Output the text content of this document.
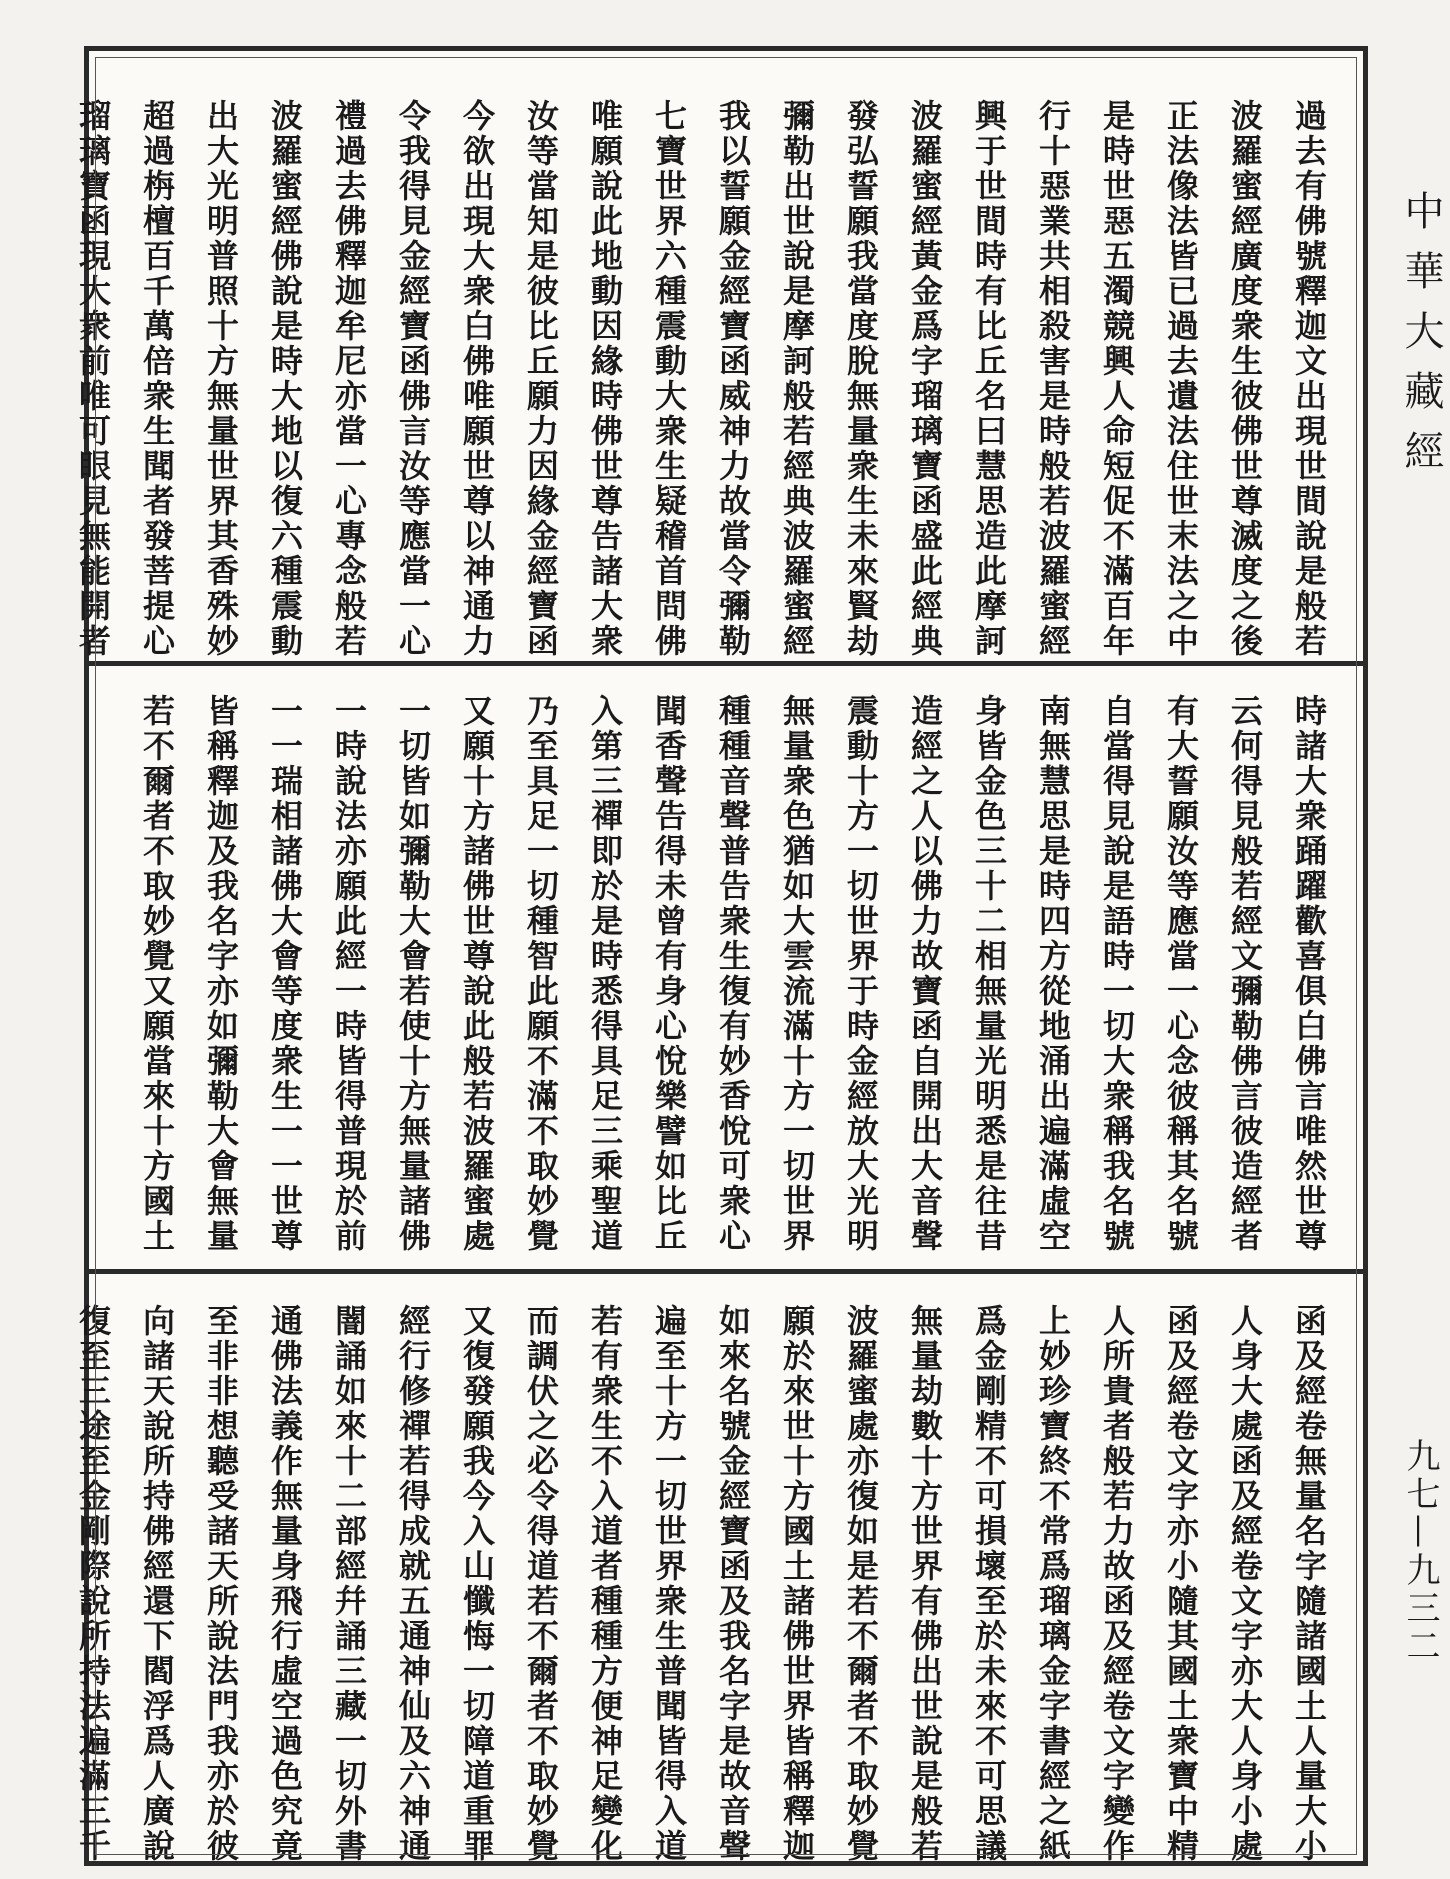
中華大藏經
九七—九三二
過去有佛號釋迦文出現世間說是般若
波羅蜜經廣度衆生彼佛世尊滅度之後
正法像法皆已過去遺法住世末法之中
是時世惡五濁競興人命短促不滿百年
行十惡業共相殺害是時般若波羅蜜經
興于世間時有比丘名曰慧思造此摩訶
波羅蜜經黃金爲字瑠璃寶函盛此經典
發弘誓願我當度脫無量衆生未來賢劫
彌勒出世說是摩訶般若經典波羅蜜經
我以誓願金經寶函威神力故當令彌勒
七寶世界六種震動大衆生疑稽首問佛
唯願說此地動因緣時佛世尊告諸大衆
汝等當知是彼比丘願力因緣金經寶函
今欲出現大衆白佛唯願世尊以神通力
令我得見金經寶函佛言汝等應當一心
禮過去佛釋迦牟尼亦當一心專念般若
波羅蜜經佛說是時大地以復六種震動
出大光明普照十方無量世界其香殊妙
超過栴檀百千萬倍衆生聞者發菩提心
瑠璃寶函現大衆前唯可眼見無能開者
時諸大衆踊躍歡喜俱白佛言唯然世尊
云何得見般若經文彌勒佛言彼造經者
有大誓願汝等應當一心念彼稱其名號
自當得見說是語時一切大衆稱我名號
南無慧思是時四方從地涌出遍滿虛空
身皆金色三十二相無量光明悉是往昔
造經之人以佛力故寶函自開出大音聲
震動十方一切世界于時金經放大光明
無量衆色猶如大雲流滿十方一切世界
種種音聲普告衆生復有妙香悅可衆心
聞香聲告得未曾有身心悅樂譬如比丘
入第三禪即於是時悉得具足三乘聖道
乃至具足一切種智此願不滿不取妙覺
又願十方諸佛世尊說此般若波羅蜜處
一切皆如彌勒大會若使十方無量諸佛
一時說法亦願此經一時皆得普現於前
一一瑞相諸佛大會等度衆生一一世尊
皆稱釋迦及我名字亦如彌勒大會無量
若不爾者不取妙覺又願當來十方國土
函及經卷無量名字隨諸國土人量大小
人身大處函及經卷文字亦大人身小處
函及經卷文字亦小隨其國土衆寶中精
人所貴者般若力故函及經卷文字變作
上妙珍寶終不常爲瑠璃金字書經之紙
爲金剛精不可損壞至於未來不可思議
無量劫數十方世界有佛出世說是般若
波羅蜜處亦復如是若不爾者不取妙覺
願於來世十方國土諸佛世界皆稱釋迦
如來名號金經寶函及我名字是故音聲
遍至十方一切世界衆生普聞皆得入道
若有衆生不入道者種種方便神足變化
而調伏之必令得道若不爾者不取妙覺
又復發願我今入山懺悔一切障道重罪
經行修禪若得成就五通神仙及六神通
闇誦如來十二部經幷誦三藏一切外書
通佛法義作無量身飛行虛空過色究竟
至非非想聽受諸天所說法門我亦於彼
向諸天說所持佛經還下閻浮爲人廣說
復至三途至金剛際說所持法遍滿三千
